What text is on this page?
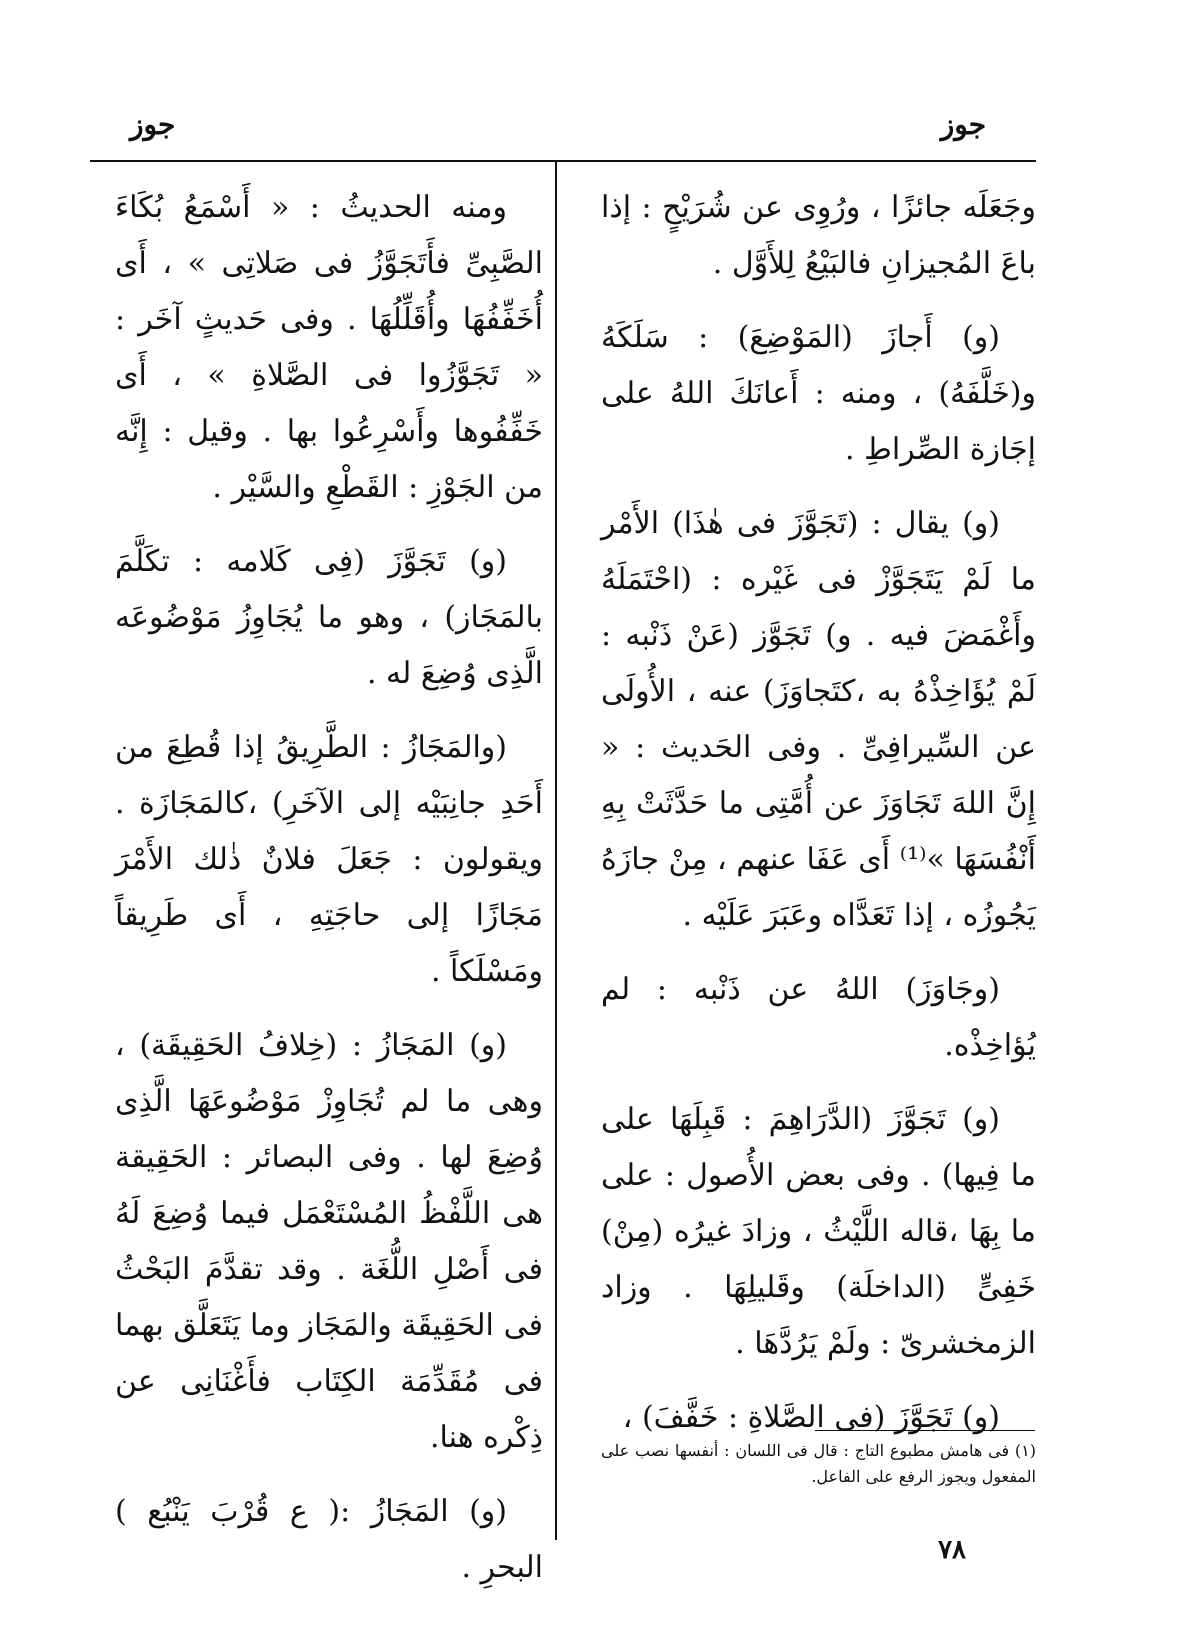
جوز
جوز

وجَعَلَه جائزًا ، ورُوِى عن شُرَيْحٍ : إذا باعَ المُجيزانِ فالبَيْعُ لِلأَوَّل .

(و) أَجازَ (المَوْضِعَ) : سَلَكَهُ و(خَلَّفَهُ) ، ومنه : أَعانَكَ اللهُ على إجَازة الصِّراطِ .

(و) يقال : (تَجَوَّزَ فى هٰذَا) الأَمْر ما لَمْ يَتَجَوَّزْ فى غَيْره : (احْتَمَلَهُ وأَغْمَضَ فيه . و) تَجَوَّز (عَنْ ذَنْبه : لَمْ يُؤَاخِذْهُ به ،كتَجاوَزَ) عنه ، الأُولَى عن السِّيرافِىِّ . وفى الحَديث : « إِنَّ اللهَ تَجَاوَزَ عن أُمَّتِى ما حَدَّثَتْ بِهِ أَنْفُسَهَا »⁽¹⁾ أَى عَفَا عنهم ، مِنْ جازَهُ يَجُوزُه ، إذا تَعَدَّاه وعَبَرَ عَلَيْه .

(وجَاوَزَ) اللهُ عن ذَنْبه : لم يُؤاخِذْه.

(و) تَجَوَّزَ (الدَّرَاهِمَ : قَبِلَهَا على ما فِيها) . وفى بعض الأُصول : على ما بِهَا ،قاله اللَّيْثُ ، وزادَ غيرُه (مِنْ) خَفِىٍّ (الداخلَة) وقَليلِهَا . وزاد الزمخشرىّ : ولَمْ يَرُدَّهَا .

(و) تَجَوَّزَ (فى الصَّلاةِ : خَفَّفَ) ،

ومنه الحديثُ : « أَسْمَعُ بُكَاءَ الصَّبِىِّ فأَتَجَوَّزُ فى صَلاتِى » ، أَى أُخَفِّفُهَا وأُقَلِّلُهَا . وفى حَديثٍ آخَر : « تَجَوَّزُوا فى الصَّلاةِ » ، أَى خَفِّفُوها وأَسْرِعُوا بها . وقيل : إِنَّه من الجَوْزِ : القَطْعِ والسَّيْر .

(و) تَجَوَّزَ (فِى كَلامه : تكَلَّمَ بالمَجَاز) ، وهو ما يُجَاوِزُ مَوْضُوعَه الَّذِى وُضِعَ له .

(والمَجَازُ : الطَّرِيقُ إذا قُطِعَ من أَحَدِ جانِبَيْه إلى الآخَرِ) ،كالمَجَازَة . ويقولون : جَعَلَ فلانٌ ذٰلك الأَمْرَ مَجَازًا إلى حاجَتِهِ ، أَى طَرِيقاً ومَسْلَكاً .

(و) المَجَازُ : (خِلافُ الحَقِيقَة) ، وهى ما لم تُجَاوِزْ مَوْضُوعَهَا الَّذِى وُضِعَ لها . وفى البصائر : الحَقِيقة هى اللَّفْظُ المُسْتَعْمَل فيما وُضِعَ لَهُ فى أَصْلِ اللُّغَة . وقد تقدَّمَ البَحْثُ فى الحَقِيقَة والمَجَاز وما يَتَعَلَّق بهما فى مُقَدِّمَة الكِتَاب فأَغْنَانِى عن ذِكْره هنا.

(و) المَجَازُ :( ع قُرْبَ يَنْبُع ) البحرِ .

(١) فى هامش مطبوع التاج : قال فى اللسان : أنفسها نصب على المفعول ويجوز الرفع على الفاعل.
٧٨
